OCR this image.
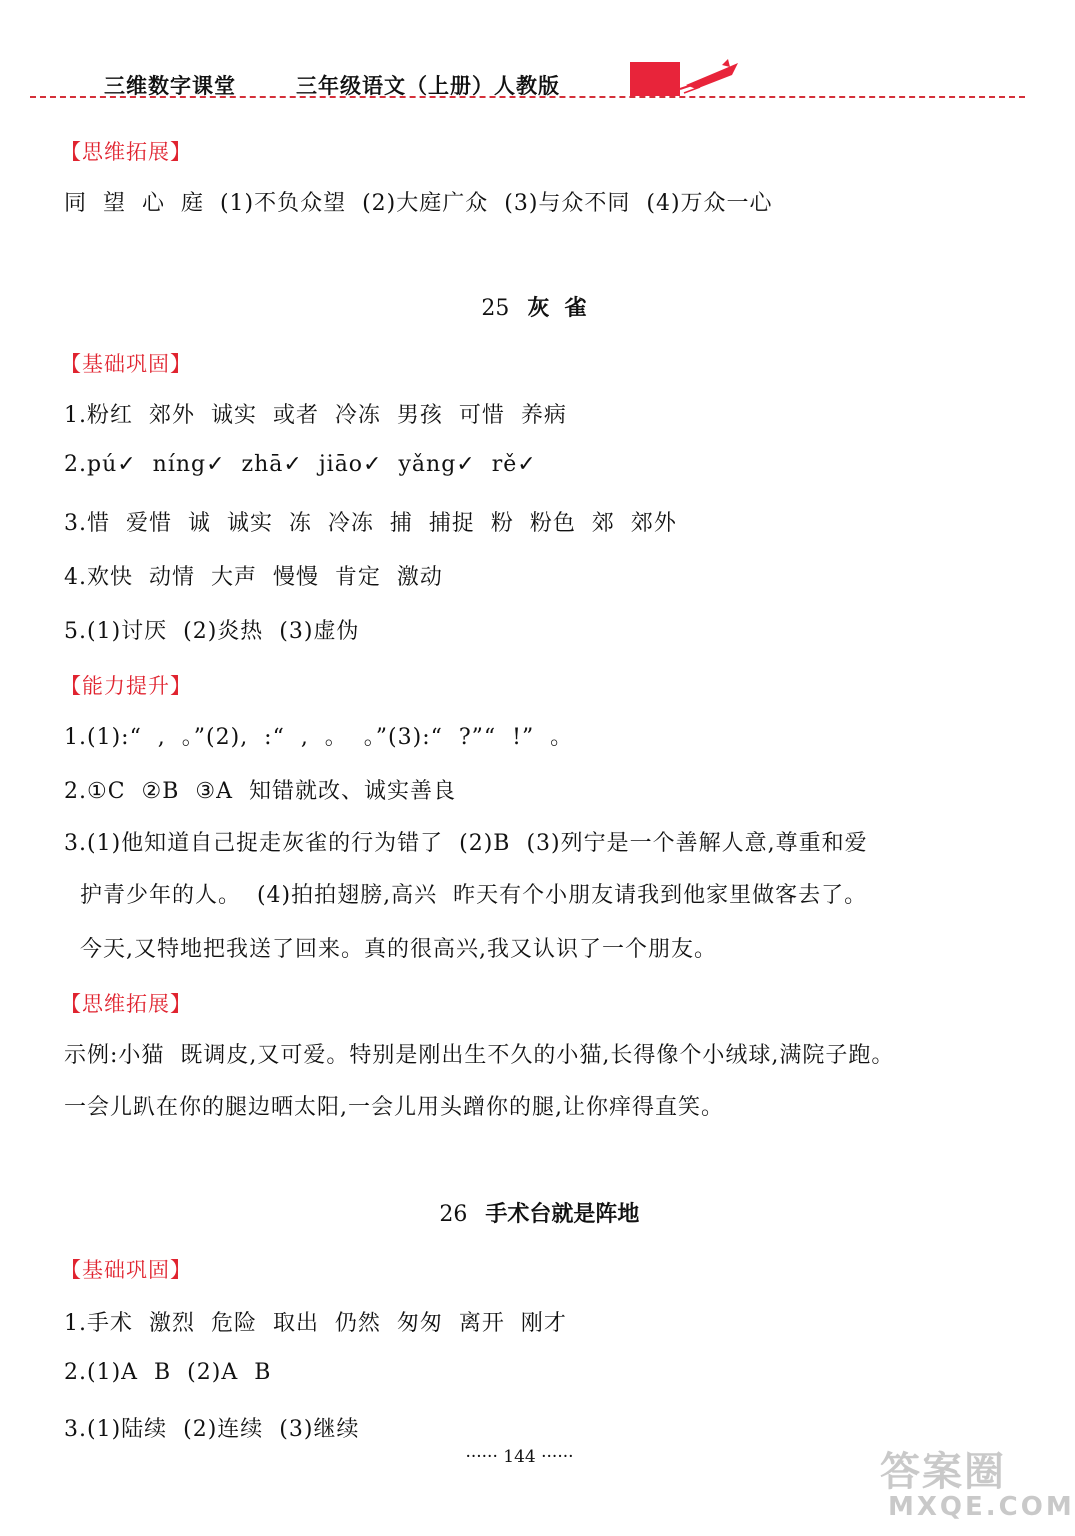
三维数字课堂	三年级语文（上册）人教版
【思维拓展】
同  望  心  庭  (1)不负众望  (2)大庭广众  (3)与众不同  (4)万众一心

25 灰  雀

【基础巩固】
1.粉红  郊外  诚实  或者  冷冻  男孩  可惜  养病
2.pú✓  níng✓  zhā✓  jiāo✓  yǎng✓  rě✓
3.惜  爱惜  诚  诚实  冻  冷冻  捕  捕捉  粉  粉色  郊  郊外
4.欢快  动情  大声  慢慢  肯定  激动
5.(1)讨厌  (2)炎热  (3)虚伪
【能力提升】
1.(1):“  ,  。”(2),  :“  ,  。  。”(3):“  ?”“  !”  。
2.①C  ②B  ③A  知错就改、诚实善良
3.(1)他知道自己捉走灰雀的行为错了  (2)B  (3)列宁是一个善解人意,尊重和爱
护青少年的人。  (4)拍拍翅膀,高兴  昨天有个小朋友请我到他家里做客去了。
今天,又特地把我送了回来。真的很高兴,我又认识了一个朋友。
【思维拓展】
示例:小猫  既调皮,又可爱。特别是刚出生不久的小猫,长得像个小绒球,满院子跑。
一会儿趴在你的腿边晒太阳,一会儿用头蹭你的腿,让你痒得直笑。

26 手术台就是阵地

【基础巩固】
1.手术  激烈  危险  取出  仍然  匆匆  离开  刚才
2.(1)A  B  (2)A  B
3.(1)陆续  (2)连续  (3)继续
······ 144 ······	答案圈
MXQE.COM
